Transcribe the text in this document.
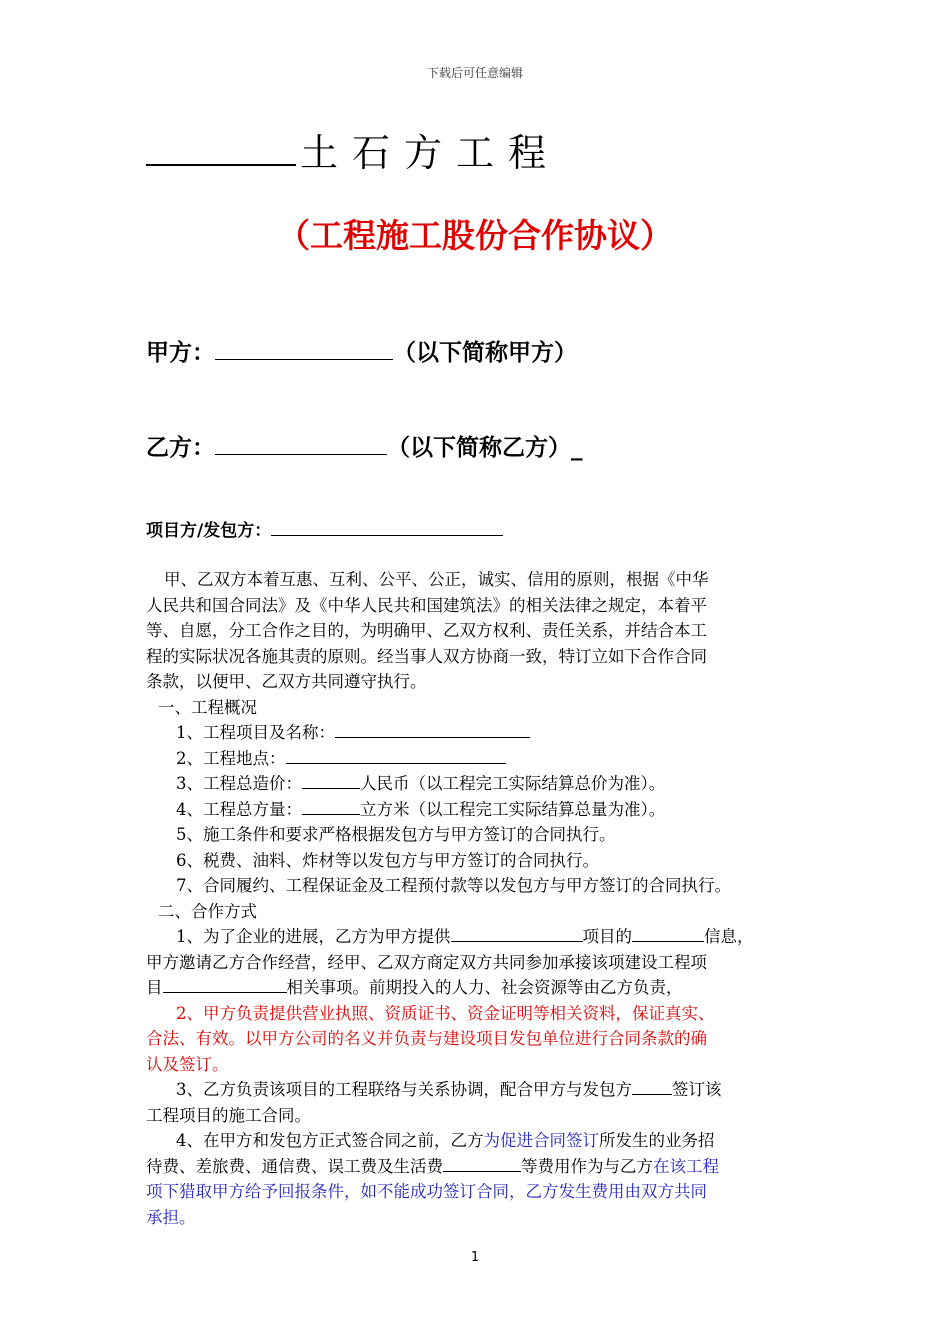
下载后可任意编辑
土石方工程
（工程施工股份合作协议）
甲方：	（以下简称甲方）
乙方：	（以下简称乙方）_
项目方/发包方：

甲、乙双方本着互惠、互利、公平、公正，诚实、信用的原则，根据《中华

人民共和国合同法》及《中华人民共和国建筑法》的相关法律之规定，本着平

等、自愿，分工合作之目的，为明确甲、乙双方权利、责任关系，并结合本工

程的实际状况各施其责的原则。经当事人双方协商一致，特订立如下合作合同

条款，以便甲、乙双方共同遵守执行。

一、工程概况

1、工程项目及名称：

2、工程地点：

3、工程总造价：	人民币（以工程完工实际结算总价为准）。

4、工程总方量：	立方米（以工程完工实际结算总量为准）。

5、施工条件和要求严格根据发包方与甲方签订的合同执行。

6、税费、油料、炸材等以发包方与甲方签订的合同执行。

7、合同履约、工程保证金及工程预付款等以发包方与甲方签订的合同执行。

二、合作方式

1、为了企业的进展，乙方为甲方提供	项目的	信息，

甲方邀请乙方合作经营，经甲、乙双方商定双方共同参加承接该项建设工程项

目	相关事项。前期投入的人力、社会资源等由乙方负责，

2、甲方负责提供营业执照、资质证书、资金证明等相关资料，保证真实、

合法、有效。以甲方公司的名义并负责与建设项目发包单位进行合同条款的确

认及签订。

3、乙方负责该项目的工程联络与关系协调，配合甲方与发包方 签订该

工程项目的施工合同。

4、在甲方和发包方正式签合同之前，乙方为促进合同签订所发生的业务招

待费、差旅费、通信费、误工费及生活费	等费用作为与乙方在该工程

项下猎取甲方给予回报条件，如不能成功签订合同，乙方发生费用由双方共同

承担。

1
